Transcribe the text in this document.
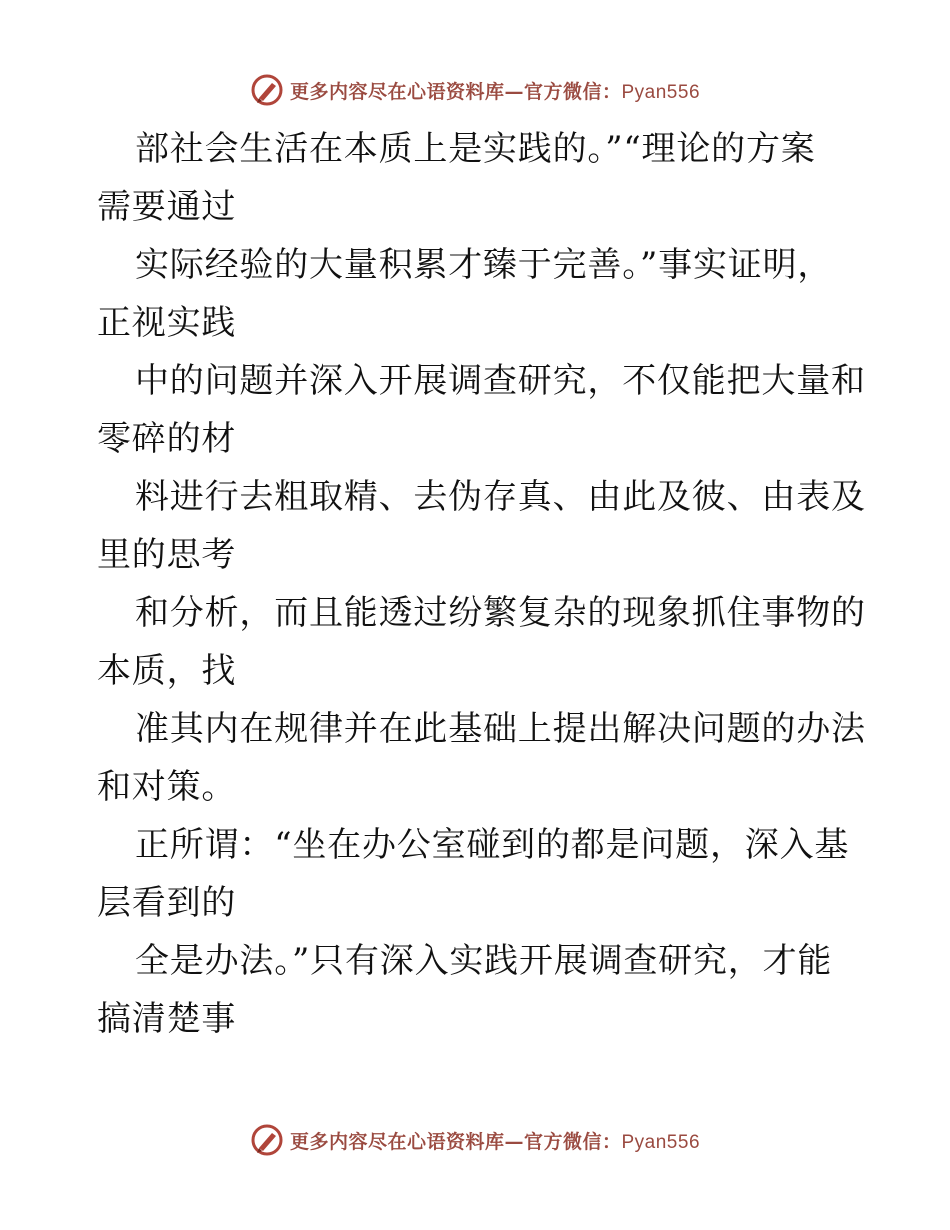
更多内容尽在心语资料库—官方微信：Pyan556
部社会生活在本质上是实践的。”“理论的方案
需要通过
实际经验的大量积累才臻于完善。”事实证明，
正视实践
中的问题并深入开展调查研究，不仅能把大量和
零碎的材
料进行去粗取精、去伪存真、由此及彼、由表及
里的思考
和分析，而且能透过纷繁复杂的现象抓住事物的
本质，找
准其内在规律并在此基础上提出解决问题的办法
和对策。
正所谓：“坐在办公室碰到的都是问题，深入基
层看到的
全是办法。”只有深入实践开展调查研究，才能
搞清楚事
更多内容尽在心语资料库—官方微信：Pyan556
